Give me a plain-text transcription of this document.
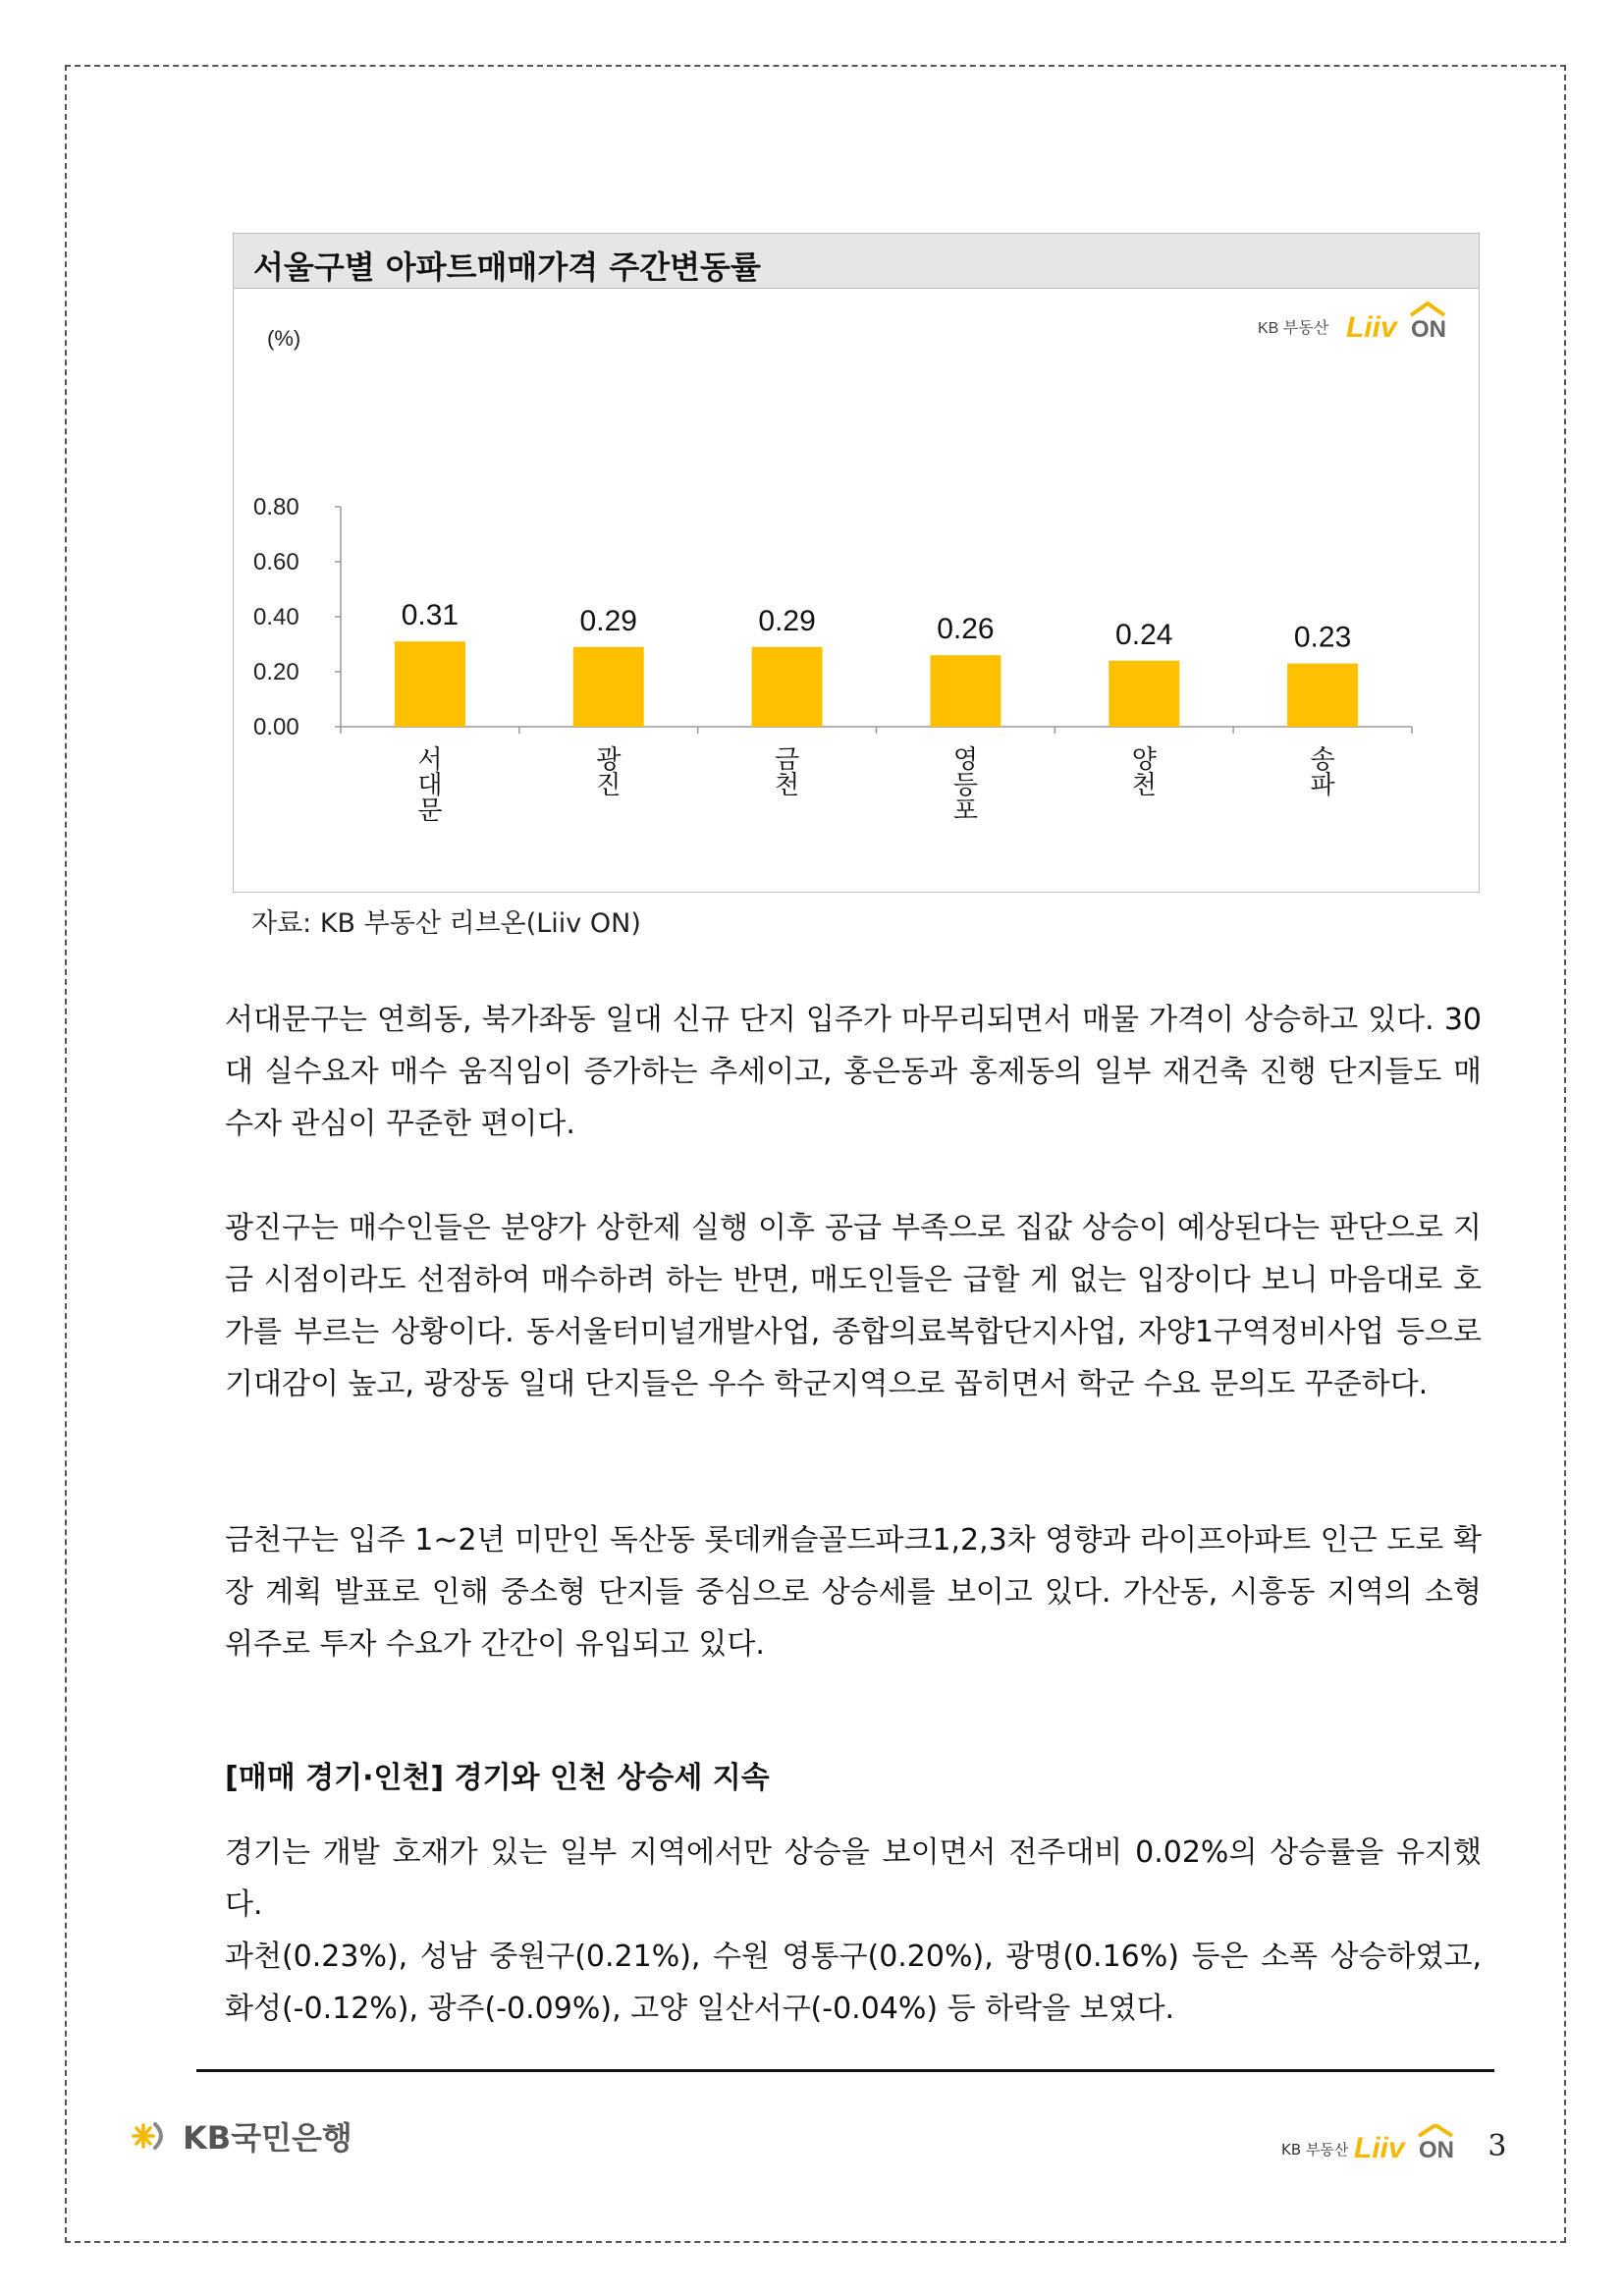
서울구별 아파트매매가격 주간변동률
KB 부동산 Liiv ON
(%)
0.80
0.60
0.40
0.20
0.00
0.31	0.29	0.29	0.26	0.24	0.23
서 대 문
광 진
금 천
영 등 포
양 천
송 파
자료: KB 부동산 리브온(Liiv ON)

서대문구는 연희동, 북가좌동 일대 신규 단지 입주가 마무리되면서 매물 가격이 상승하고 있다. 30대 실수요자 매수 움직임이 증가하는 추세이고, 홍은동과 홍제동의 일부 재건축 진행 단지들도 매수자 관심이 꾸준한 편이다.

광진구는 매수인들은 분양가 상한제 실행 이후 공급 부족으로 집값 상승이 예상된다는 판단으로 지금 시점이라도 선점하여 매수하려 하는 반면, 매도인들은 급할 게 없는 입장이다 보니 마음대로 호가를 부르는 상황이다. 동서울터미널개발사업, 종합의료복합단지사업, 자양1구역정비사업 등으로 기대감이 높고, 광장동 일대 단지들은 우수 학군지역으로 꼽히면서 학군 수요 문의도 꾸준하다.

금천구는 입주 1~2년 미만인 독산동 롯데캐슬골드파크1,2,3차 영향과 라이프아파트 인근 도로 확장 계획 발표로 인해 중소형 단지들 중심으로 상승세를 보이고 있다. 가산동, 시흥동 지역의 소형 위주로 투자 수요가 간간이 유입되고 있다.

[매매 경기·인천] 경기와 인천 상승세 지속

경기는 개발 호재가 있는 일부 지역에서만 상승을 보이면서 전주대비 0.02%의 상승률을 유지했다.

과천(0.23%), 성남 중원구(0.21%), 수원 영통구(0.20%), 광명(0.16%) 등은 소폭 상승하였고, 화성(-0.12%), 광주(-0.09%), 고양 일산서구(-0.04%) 등 하락을 보였다.

KB국민은행	KB 부동산 Liiv ON 3
